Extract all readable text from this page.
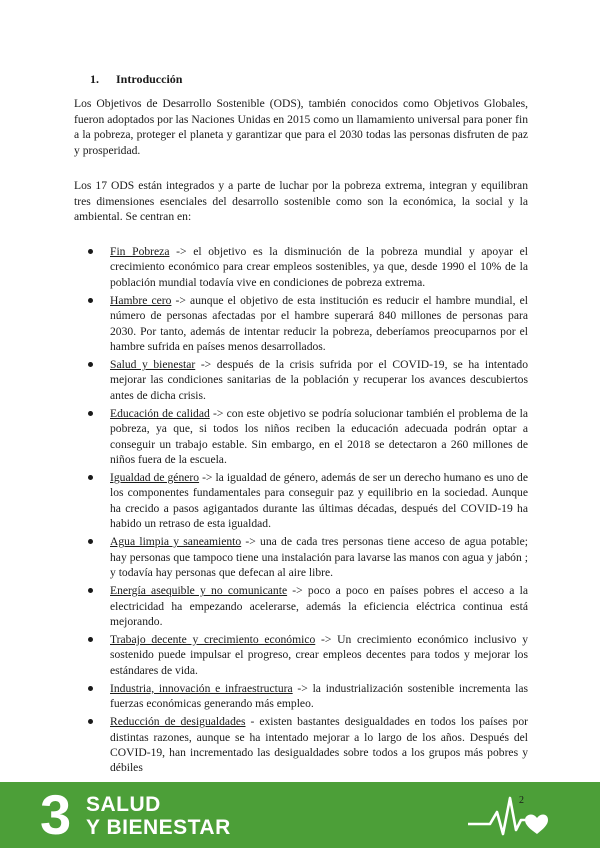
1. Introducción

Los Objetivos de Desarrollo Sostenible (ODS), también conocidos como Objetivos Globales, fueron adoptados por las Naciones Unidas en 2015 como un llamamiento universal para poner fin a la pobreza, proteger el planeta y garantizar que para el 2030 todas las personas disfruten de paz y prosperidad.

Los 17 ODS están integrados y a parte de luchar por la pobreza extrema, integran y equilibran tres dimensiones esenciales del desarrollo sostenible como son la económica, la social y la ambiental. Se centran en:

Fin Pobreza -> el objetivo es la disminución de la pobreza mundial y apoyar el crecimiento económico para crear empleos sostenibles, ya que, desde 1990 el 10% de la población mundial todavía vive en condiciones de pobreza extrema.
Hambre cero -> aunque el objetivo de esta institución es reducir el hambre mundial, el número de personas afectadas por el hambre superará 840 millones de personas para 2030. Por tanto, además de intentar reducir la pobreza, deberíamos preocuparnos por el hambre sufrida en países menos desarrollados.
Salud y bienestar -> después de la crisis sufrida por el COVID-19, se ha intentado mejorar las condiciones sanitarias de la población y recuperar los avances descubiertos antes de dicha crisis.
Educación de calidad -> con este objetivo se podría solucionar también el problema de la pobreza, ya que, si todos los niños reciben la educación adecuada podrán optar a conseguir un trabajo estable. Sin embargo, en el 2018 se detectaron a 260 millones de niños fuera de la escuela.
Igualdad de género -> la igualdad de género, además de ser un derecho humano es uno de los componentes fundamentales para conseguir paz y equilibrio en la sociedad. Aunque ha crecido a pasos agigantados durante las últimas décadas, después del COVID-19 ha habido un retraso de esta igualdad.
Agua limpia y saneamiento -> una de cada tres personas tiene acceso de agua potable; hay personas que tampoco tiene una instalación para lavarse las manos con agua y jabón ; y todavía hay personas que defecan al aire libre.
Energía asequible y no comunicante -> poco a poco en países pobres el acceso a la electricidad ha empezando acelerarse, además la eficiencia eléctrica continua está mejorando.
Trabajo decente y crecimiento económico -> Un crecimiento económico inclusivo y sostenido puede impulsar el progreso, crear empleos decentes para todos y mejorar los estándares de vida.
Industria, innovación e infraestructura -> la industrialización sostenible incrementa las fuerzas económicas generando más empleo.
Reducción de desigualdades - existen bastantes desigualdades en todos los países por distintas razones, aunque se ha intentado mejorar a lo largo de los años. Después del COVID-19, han incrementado las desigualdades sobre todos a los grupos más pobres y débiles
3 SALUD
Y BIENESTAR
2
